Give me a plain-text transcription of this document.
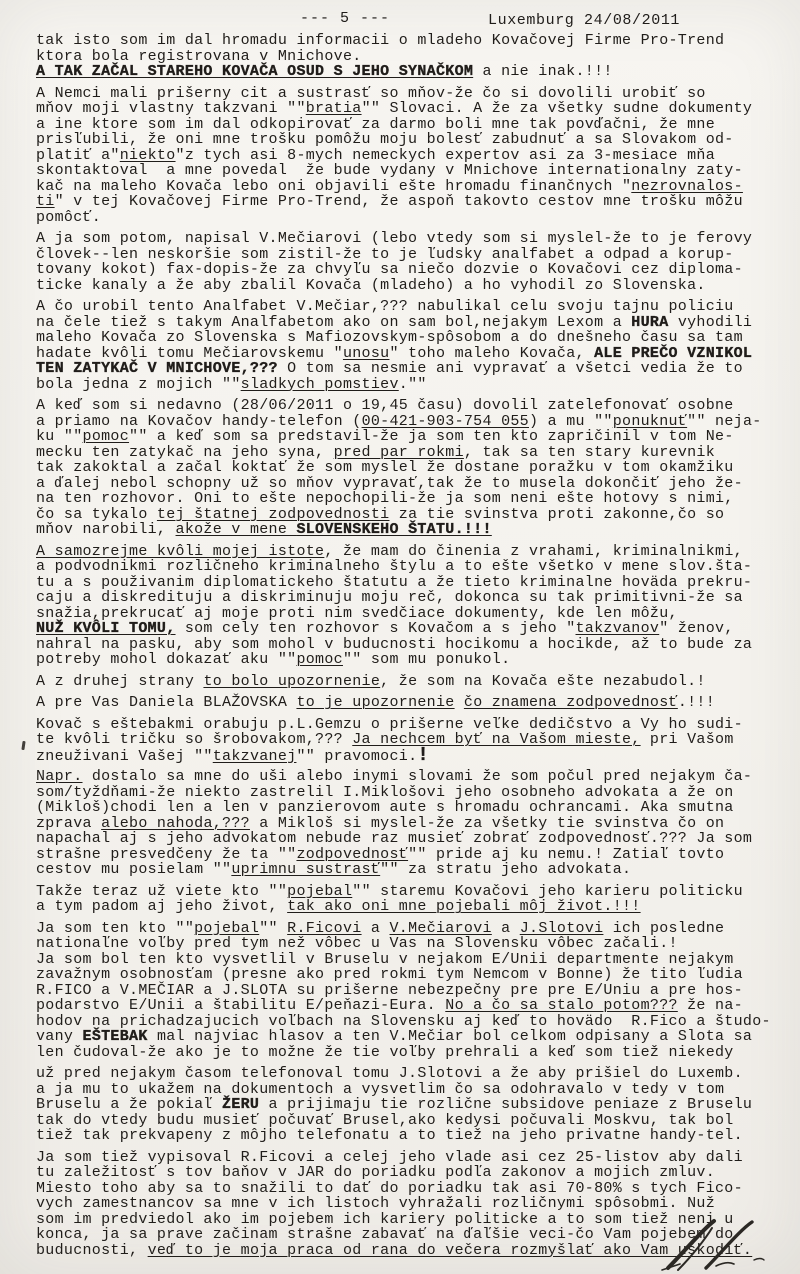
--- 5 ---	Luxemburg 24/08/2011
tak isto som im dal hromadu informacii o mladeho Kovačovej Firme Pro-Trend
ktora bola registrovana v Mnichove.
A TAK ZAČAL STAREHO KOVAČA OSUD S JEHO SYNAČKOM a nie inak.!!!
A Nemci mali prišerny cit a sustrasť so mňov-že čo si dovolili urobiť so
mňov moji vlastny takzvani ""bratia"" Slovaci. A že za všetky sudne dokumenty
a ine ktore som im dal odkopirovať za darmo boli mne tak povďačni, že mne
prisľubili, že oni mne trošku pomôžu moju bolesť zabudnuť a sa Slovakom od-
platiť a"niekto"z tych asi 8-mych nemeckych expertov asi za 3-mesiace mňa
skontaktoval  a mne povedal  že bude vydany v Mnichove internationalny zaty-
kač na maleho Kovača lebo oni objavili ešte hromadu finančnych "nezrovnalos-
ti" v tej Kovačovej Firme Pro-Trend, že aspoň takovto cestov mne trošku môžu
pomôcť.
A ja som potom, napisal V.Mečiarovi (lebo vtedy som si myslel-že to je ferovy
človek--len neskoršie som zistil-že to je ľudsky analfabet a odpad a korup-
tovany kokot) fax-dopis-že za chvyľu sa niečo dozvie o Kovačovi cez diploma-
ticke kanaly a že aby zbalil Kovača (mladeho) a ho vyhodil zo Slovenska.
A čo urobil tento Analfabet V.Mečiar,??? nabulikal celu svoju tajnu policiu
na čele tiež s takym Analfabetom ako on sam bol,nejakym Lexom a HURA vyhodili
maleho Kovača zo Slovenska s Mafiozovskym-spôsobom a do dnešneho času sa tam
hadate kvôli tomu Mečiarovskemu "unosu" toho maleho Kovača, ALE PREČO VZNIKOL
TEN ZATYKAČ V MNICHOVE,??? O tom sa nesmie ani vypravať a všetci vedia že to
bola jedna z mojich ""sladkych pomstiev.""
A keď som si nedavno (28/06/2011 o 19,45 času) dovolil zatelefonovať osobne
a priamo na Kovačov handy-telefon (00-421-903-754 055) a mu ""ponuknuť"" neja-
ku ""pomoc"" a keď som sa predstavil-že ja som ten kto zapričinil v tom Ne-
mecku ten zatykač na jeho syna, pred par rokmi, tak sa ten stary kurevnik
tak zakoktal a začal koktať že som myslel že dostane poražku v tom okamžiku
a ďalej nebol schopny už so mňov vypravať,tak že to musela dokončiť jeho že-
na ten rozhovor. Oni to ešte nepochopili-že ja som neni ešte hotovy s nimi,
čo sa tykalo tej štatnej zodpovednosti za tie svinstva proti zakonne,čo so
mňov narobili, akože v mene SLOVENSKEHO ŠTATU.!!!
A samozrejme kvôli mojej istote, že mam do činenia z vrahami, kriminalnikmi,
a podvodnikmi rozličneho kriminalneho štylu a to ešte všetko v mene slov.šta-
tu a s použivanim diplomatickeho štatutu a že tieto kriminalne hoväda prekru-
caju a diskredituju a diskriminuju moju reč, dokonca su tak primitivni-že sa
snažia,prekrucať aj moje proti nim svedčiace dokumenty, kde len môžu,
NUŽ KVÔLI TOMU, som cely ten rozhovor s Kovačom a s jeho "takzvanov" ženov,
nahral na pasku, aby som mohol v buducnosti hocikomu a hocikde, až to bude za
potreby mohol dokazať aku ""pomoc"" som mu ponukol.
A z druhej strany to bolo upozornenie, že som na Kovača ešte nezabudol.!
A pre Vas Daniela BLAŽOVSKA to je upozornenie čo znamena zodpovednosť.!!!
Kovač s eštebakmi orabuju p.L.Gemzu o prišerne veľke dedičstvo a Vy ho sudi-
te kvôli tričku so šrobovakom,??? Ja nechcem byť na Vašom mieste, pri Vašom
zneuživani Vašej ""takzvanej"" pravomoci.!
Napr. dostalo sa mne do uši alebo inymi slovami že som počul pred nejakym ča-
som/tyždňami-že niekto zastrelil I.Miklošovi jeho osobneho advokata a že on
(Mikloš)chodi len a len v panzierovom aute s hromadu ochrancami. Aka smutna
zprava alebo nahoda,??? a Mikloš si myslel-že za všetky tie svinstva čo on
napachal aj s jeho advokatom nebude raz musieť zobrať zodpovednosť.??? Ja som
strašne presvedčeny že ta ""zodpovednosť"" pride aj ku nemu.! Zatiaľ tovto
cestov mu posielam ""uprimnu sustrasť"" za stratu jeho advokata.
Takže teraz už viete kto ""pojebal"" staremu Kovačovi jeho karieru politicku
a tym padom aj jeho život, tak ako oni mne pojebali môj život.!!!
Ja som ten kto ""pojebal"" R.Ficovi a V.Mečiarovi a J.Slotovi ich posledne
nationaľne voľby pred tym než vôbec u Vas na Slovensku vôbec začali.!
Ja som bol ten kto vysvetlil v Bruselu v nejakom E/Unii departmente nejakym
zavažnym osobnosťam (presne ako pred rokmi tym Nemcom v Bonne) že tito ľudia
R.FICO a V.MEČIAR a J.SLOTA su prišerne nebezpečny pre pre E/Uniu a pre hos-
podarstvo E/Unii a štabilitu E/peňazi-Eura. No a čo sa stalo potom??? že na-
hodov na prichadzajucich voľbach na Slovensku aj keď to hovädo  R.Fico a študo-
vany EŠTEBAK mal najviac hlasov a ten V.Mečiar bol celkom odpisany a Slota sa
len čudoval-že ako je to možne že tie voľby prehrali a keď som tiež niekedy
už pred nejakym časom telefonoval tomu J.Slotovi a že aby prišiel do Luxemb.
a ja mu to ukažem na dokumentoch a vysvetlim čo sa odohravalo v tedy v tom
Bruselu a že pokiaľ ŽERU a prijimaju tie rozlične subsidove peniaze z Bruselu
tak do vtedy budu musieť počuvať Brusel,ako kedysi počuvali Moskvu, tak bol
tiež tak prekvapeny z môjho telefonatu a to tiež na jeho privatne handy-tel.
Ja som tiež vypisoval R.Ficovi a celej jeho vlade asi cez 25-listov aby dali
tu zaležitosť s tov baňov v JAR do poriadku podľa zakonov a mojich zmluv.
Miesto toho aby sa to snažili to dať do poriadku tak asi 70-80% s tych Fico-
vych zamestnancov sa mne v ich listoch vyhražali rozličnymi spôsobmi. Nuž
som im predviedol ako im pojebem ich kariery politicke a to som tiež neni u
konca, ja sa prave začinam strašne zabavať na ďaľšie veci-čo Vam pojebem do
buducnosti, veď to je moja praca od rana do večera rozmyšlať ako Vam uškodiť.
